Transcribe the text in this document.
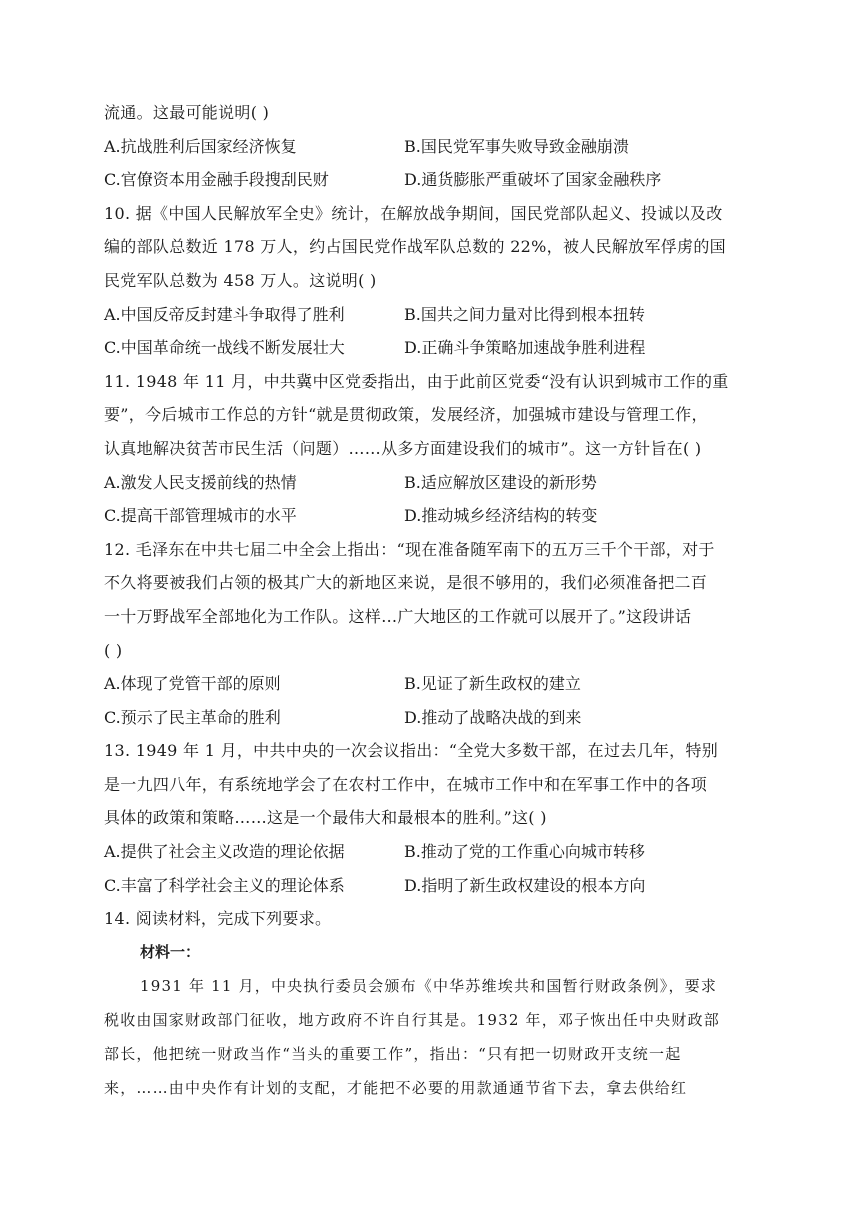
流通。这最可能说明( )
A.抗战胜利后国家经济恢复	B.国民党军事失败导致金融崩溃
C.官僚资本用金融手段搜刮民财	D.通货膨胀严重破坏了国家金融秩序
10. 据《中国人民解放军全史》统计，在解放战争期间，国民党部队起义、投诚以及改
编的部队总数近 178 万人，约占国民党作战军队总数的 22%，被人民解放军俘虏的国
民党军队总数为 458 万人。这说明( )
A.中国反帝反封建斗争取得了胜利	B.国共之间力量对比得到根本扭转
C.中国革命统一战线不断发展壮大	D.正确斗争策略加速战争胜利进程
11. 1948 年 11 月，中共冀中区党委指出，由于此前区党委“没有认识到城市工作的重
要”，今后城市工作总的方针“就是贯彻政策，发展经济，加强城市建设与管理工作，
认真地解决贫苦市民生活（问题）……从多方面建设我们的城市”。这一方针旨在( )
A.激发人民支援前线的热情	B.适应解放区建设的新形势
C.提高干部管理城市的水平	D.推动城乡经济结构的转变
12. 毛泽东在中共七届二中全会上指出：“现在准备随军南下的五万三千个干部，对于
不久将要被我们占领的极其广大的新地区来说，是很不够用的，我们必须准备把二百
一十万野战军全部地化为工作队。这样…广大地区的工作就可以展开了。”这段讲话
( )
A.体现了党管干部的原则	B.见证了新生政权的建立
C.预示了民主革命的胜利	D.推动了战略决战的到来
13. 1949 年 1 月，中共中央的一次会议指出：“全党大多数干部，在过去几年，特别
是一九四八年，有系统地学会了在农村工作中，在城市工作中和在军事工作中的各项
具体的政策和策略……这是一个最伟大和最根本的胜利。”这( )
A.提供了社会主义改造的理论依据	B.推动了党的工作重心向城市转移
C.丰富了科学社会主义的理论体系	D.指明了新生政权建设的根本方向
14. 阅读材料，完成下列要求。
材料一：
1931 年 11 月，中央执行委员会颁布《中华苏维埃共和国暂行财政条例》，要求
税收由国家财政部门征收，地方政府不许自行其是。1932 年，邓子恢出任中央财政部
部长，他把统一财政当作“当头的重要工作”，指出：“只有把一切财政开支统一起
来，……由中央作有计划的支配，才能把不必要的用款通通节省下去，拿去供给红
